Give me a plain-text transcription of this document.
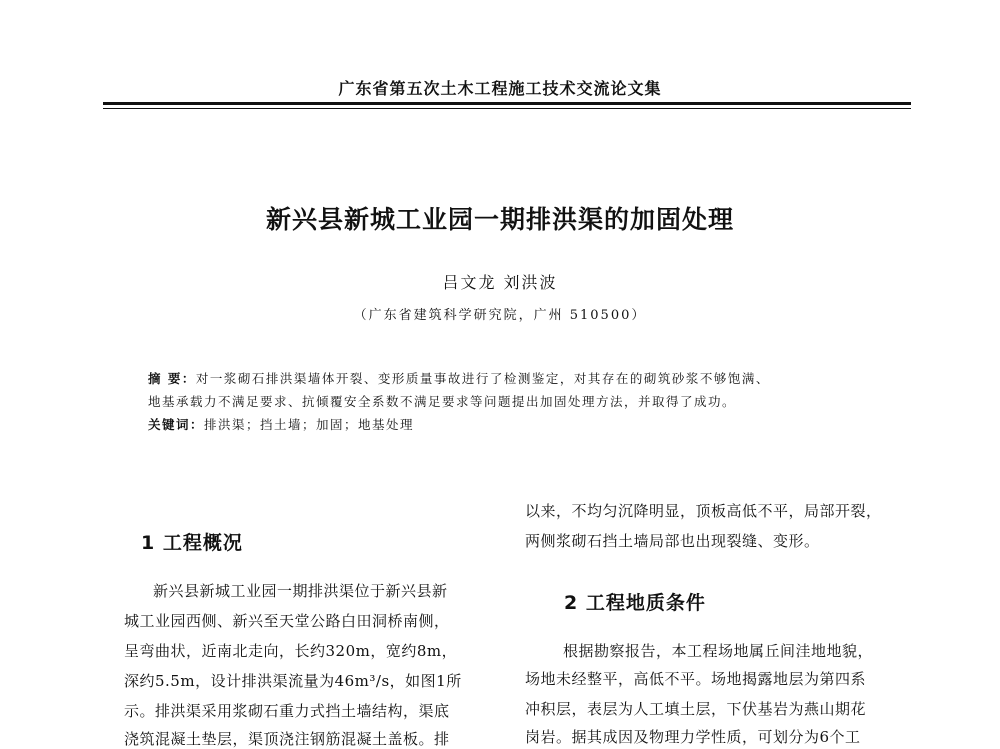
广东省第五次土木工程施工技术交流论文集
新兴县新城工业园一期排洪渠的加固处理
吕文龙 刘洪波
（广东省建筑科学研究院，广州 510500）
摘 要：对一浆砌石排洪渠墙体开裂、变形质量事故进行了检测鉴定，对其存在的砌筑砂浆不够饱满、
地基承载力不满足要求、抗倾覆安全系数不满足要求等问题提出加固处理方法，并取得了成功。
关键词：排洪渠；挡土墙；加固；地基处理
1 工程概况
新兴县新城工业园一期排洪渠位于新兴县新
城工业园西侧、新兴至天堂公路白田洞桥南侧，
呈弯曲状，近南北走向，长约320m，宽约8m，
深约5.5m，设计排洪渠流量为46m³/s，如图1所
示。排洪渠采用浆砌石重力式挡土墙结构，渠底
浇筑混凝土垫层，渠顶浇注钢筋混凝土盖板。排
以来，不均匀沉降明显，顶板高低不平，局部开裂，
两侧浆砌石挡土墙局部也出现裂缝、变形。
2 工程地质条件
根据勘察报告，本工程场地属丘间洼地地貌，
场地未经整平，高低不平。场地揭露地层为第四系
冲积层，表层为人工填土层，下伏基岩为燕山期花
岗岩。据其成因及物理力学性质，可划分为6个工
